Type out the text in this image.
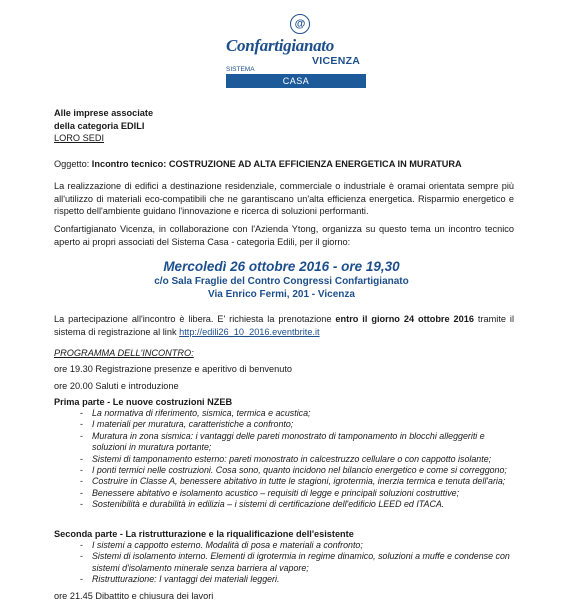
@
Confartigianato
VICENZA
SISTEMA
CASA
Alle imprese associate
della categoria EDILI
LORO SEDI
Oggetto: Incontro tecnico: COSTRUZIONE AD ALTA EFFICIENZA ENERGETICA IN MURATURA
La realizzazione di edifici a destinazione residenziale, commerciale o industriale è oramai orientata sempre più all'utilizzo di materiali eco-compatibili che ne garantiscano un'alta efficienza energetica. Risparmio energetico e rispetto dell'ambiente guidano l'innovazione e ricerca di soluzioni performanti.
Confartigianato Vicenza, in collaborazione con l'Azienda Ytong, organizza su questo tema un incontro tecnico aperto ai propri associati del Sistema Casa - categoria Edili, per il giorno:
Mercoledì 26 ottobre 2016 - ore 19,30
c/o Sala Fraglie del Contro Congressi Confartigianato
Via Enrico Fermi, 201 - Vicenza
La partecipazione all'incontro è libera. E' richiesta la prenotazione entro il giorno 24 ottobre 2016 tramite il sistema di registrazione al link http://edili26_10_2016.eventbrite.it
PROGRAMMA DELL'INCONTRO:
ore 19.30 Registrazione presenze e aperitivo di benvenuto
ore 20.00 Saluti e introduzione
Prima parte - Le nuove costruzioni NZEB
- La normativa di riferimento, sismica, termica e acustica;
- I materiali per muratura, caratteristiche a confronto;
- Muratura in zona sismica: i vantaggi delle pareti monostrato di tamponamento in blocchi alleggeriti e soluzioni in muratura portante;
- Sistemi di tamponamento esterno: pareti monostrato in calcestruzzo cellulare o con cappotto isolante;
- I ponti termici nelle costruzioni. Cosa sono, quanto incidono nel bilancio energetico e come si correggono;
- Costruire in Classe A, benessere abitativo in tutte le stagioni, igrotermia, inerzia termica e tenuta dell'aria;
- Benessere abitativo e isolamento acustico – requisiti di legge e principali soluzioni costruttive;
- Sostenibilità e durabilità in edilizia – i sistemi di certificazione dell'edificio LEED ed ITACA.
Seconda parte - La ristrutturazione e la riqualificazione dell'esistente
- I sistemi a cappotto esterno. Modalità di posa e materiali a confronto;
- Sistemi di isolamento interno. Elementi di igrotermia in regime dinamico, soluzioni a muffe e condense con sistemi d'isolamento minerale senza barriera al vapore;
- Ristrutturazione: I vantaggi dei materiali leggeri.
ore 21.45 Dibattito e chiusura dei lavori
